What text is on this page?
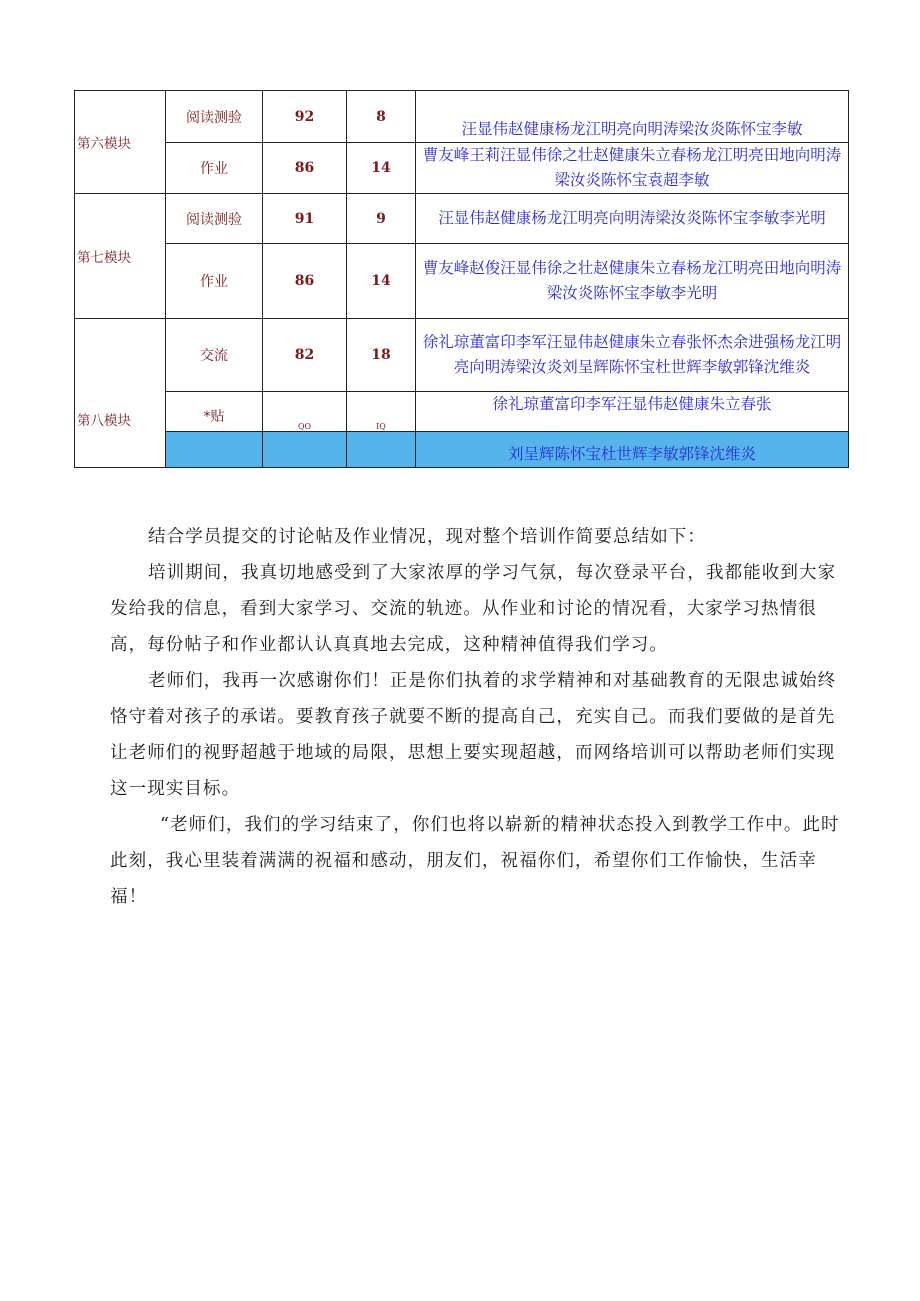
第六模块	阅读测验	92	8	汪显伟赵健康杨龙江明亮向明涛梁汝炎陈怀宝李敏
	作业	86	14	曹友峰王莉汪显伟徐之壮赵健康朱立春杨龙江明亮田地向明涛梁汝炎陈怀宝袁超李敏
第七模块	阅读测验	91	9	汪显伟赵健康杨龙江明亮向明涛梁汝炎陈怀宝李敏李光明
	作业	86	14	曹友峰赵俊汪显伟徐之壮赵健康朱立春杨龙江明亮田地向明涛梁汝炎陈怀宝李敏李光明
第八模块	交流	82	18	徐礼琼董富印李军汪显伟赵健康朱立春张怀杰余进强杨龙江明亮向明涛梁汝炎刘呈辉陈怀宝杜世辉李敏郭锋沈维炎
	*贴	QO	IQ	徐礼琼董富印李军汪显伟赵健康朱立春张
				刘呈辉陈怀宝杜世辉李敏郭锋沈维炎

结合学员提交的讨论帖及作业情况，现对整个培训作简要总结如下：

培训期间，我真切地感受到了大家浓厚的学习气氛，每次登录平台，我都能收到大家发给我的信息，看到大家学习、交流的轨迹。从作业和讨论的情况看，大家学习热情很高，每份帖子和作业都认认真真地去完成，这种精神值得我们学习。

老师们，我再一次感谢你们！正是你们执着的求学精神和对基础教育的无限忠诚始终恪守着对孩子的承诺。要教育孩子就要不断的提高自己，充实自己。而我们要做的是首先让老师们的视野超越于地域的局限，思想上要实现超越，而网络培训可以帮助老师们实现这一现实目标。

“老师们，我们的学习结束了，你们也将以崭新的精神状态投入到教学工作中。此时此刻，我心里装着满满的祝福和感动，朋友们，祝福你们，希望你们工作愉快，生活幸福！
